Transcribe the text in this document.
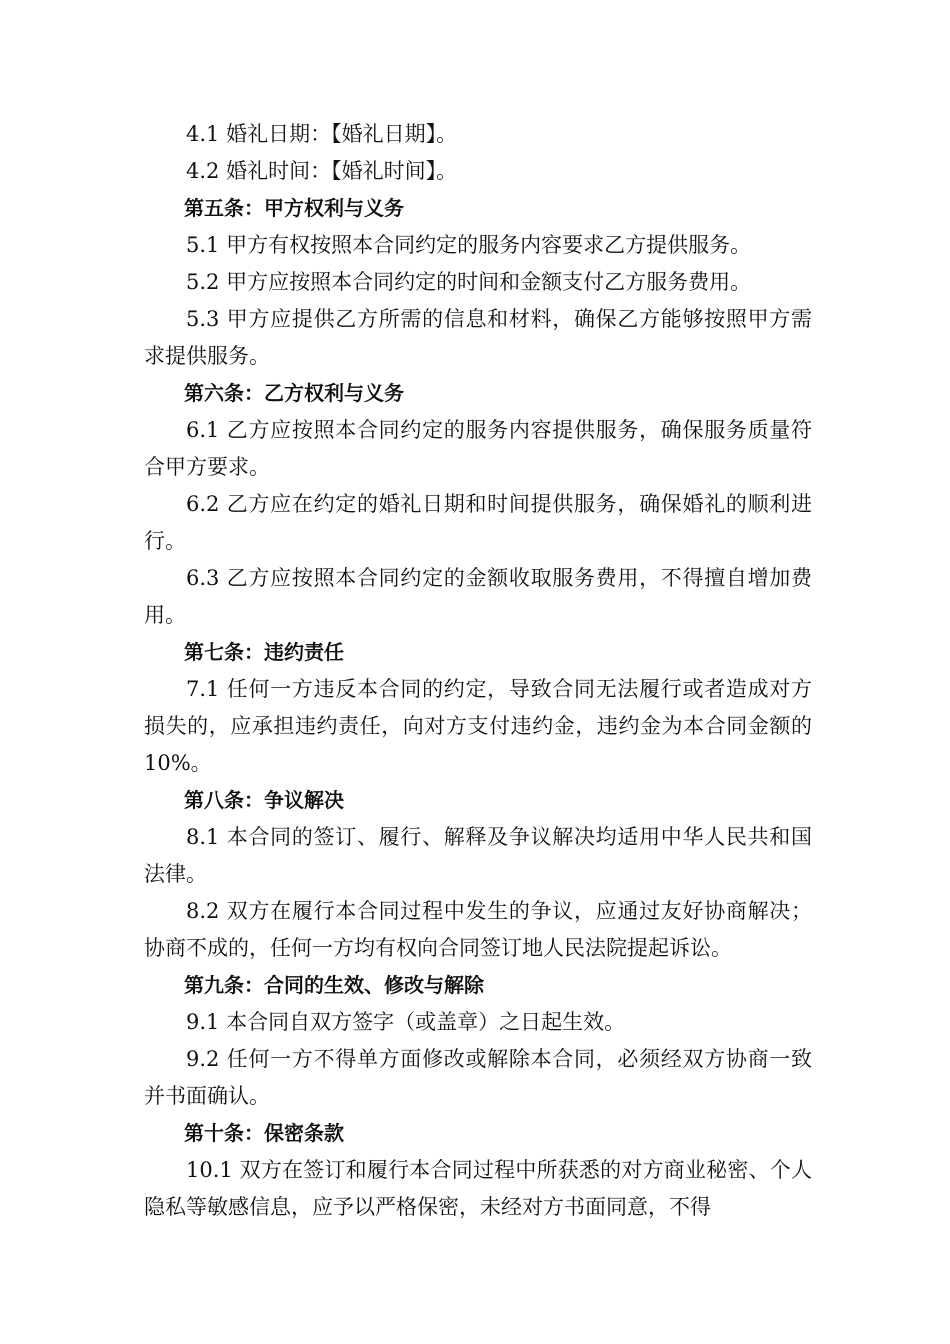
4.1 婚礼日期：【婚礼日期】。

4.2 婚礼时间：【婚礼时间】。

第五条：甲方权利与义务

5.1 甲方有权按照本合同约定的服务内容要求乙方提供服务。

5.2 甲方应按照本合同约定的时间和金额支付乙方服务费用。

5.3 甲方应提供乙方所需的信息和材料，确保乙方能够按照甲方需求提供服务。

第六条：乙方权利与义务

6.1 乙方应按照本合同约定的服务内容提供服务，确保服务质量符合甲方要求。

6.2 乙方应在约定的婚礼日期和时间提供服务，确保婚礼的顺利进行。

6.3 乙方应按照本合同约定的金额收取服务费用，不得擅自增加费用。

第七条：违约责任

7.1 任何一方违反本合同的约定，导致合同无法履行或者造成对方损失的，应承担违约责任，向对方支付违约金，违约金为本合同金额的10%。

第八条：争议解决

8.1 本合同的签订、履行、解释及争议解决均适用中华人民共和国法律。

8.2 双方在履行本合同过程中发生的争议，应通过友好协商解决；协商不成的，任何一方均有权向合同签订地人民法院提起诉讼。

第九条：合同的生效、修改与解除

9.1 本合同自双方签字（或盖章）之日起生效。

9.2 任何一方不得单方面修改或解除本合同，必须经双方协商一致并书面确认。

第十条：保密条款

10.1 双方在签订和履行本合同过程中所获悉的对方商业秘密、个人隐私等敏感信息，应予以严格保密，未经对方书面同意，不得
